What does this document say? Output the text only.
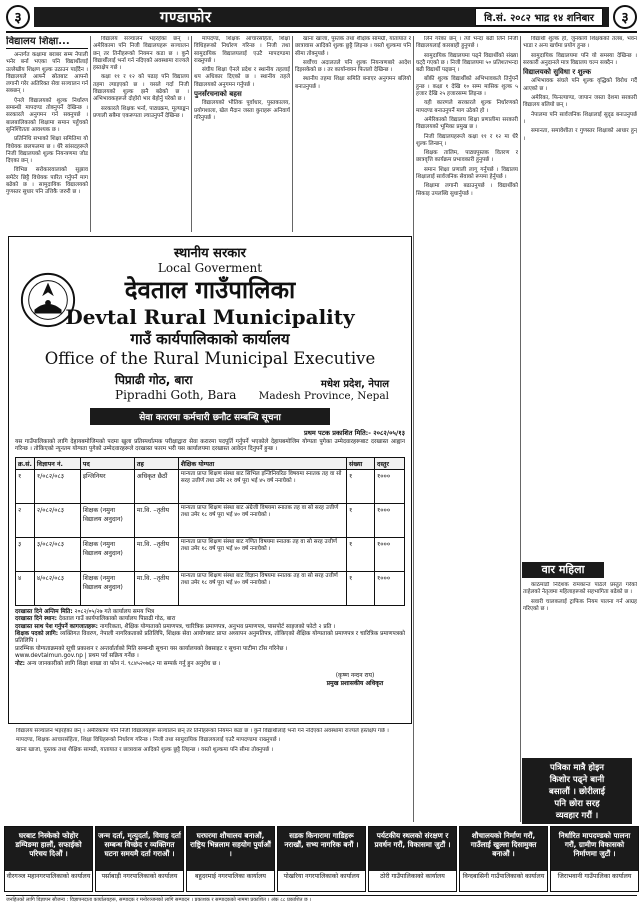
३	गण्डाफोर	वि.सं. २०८२ भाद्र १४ शनिबार	३
विद्यालय शिक्षा...

अन्तर्गत कक्षामा बराबर सम्म नेपाली भनेर बर्ना भएका पनि विद्यार्थीलाई उल्लेखीय शिक्षण शुल्क उठाउन पाइँदैन । विद्यालयले आफ्नै स्रोतबाट आफ्नो लगानी गरेर अतिरिक्त सेवा सञ्चालन गर्न सक्छन् ।

ऐनले विद्यालयको शुल्क निर्धारण सम्बन्धी मापदण्ड तोक्नुपर्ने देखिन्छ । सरकारले अनुगमन गर्न सक्नुपर्छ । बालबालिकाको शिक्षामा समान पहुँचको सुनिश्चितता आवश्यक छ ।

प्रतिनिधि सभाको शिक्षा समितिमा यो विधेयक छलफलमा छ । धेरै सांसदहरूले निजी विद्यालयको शुल्क नियन्त्रणमा जोड दिएका छन् ।

विभिन्न सरोकारवालाको सुझाव समेटेर छिट्टै विधेयक पारित गर्नुपर्ने माग बढेको छ । सामुदायिक विद्यालयको गुणस्तर सुधार पनि उत्तिकै जरुरी छ ।

विद्यालय सञ्चालन भइरहेका छन् । अमेरिकामा पनि निजी विद्यालयहरू सञ्चालन छन् तर तिनीहरूको नियमन कडा छ । कुनै विद्यार्थीलाई भर्ना गर्न नदिएको अवस्थामा राज्यले हस्तक्षेप गर्छ ।

कक्षा ११ र १२ को पढाइ पनि विद्यालय तहमा ल्याइएको छ । यसले गर्दा निजी विद्यालयको शुल्क झनै बढेको छ । अभिभावकहरूले दोहोरो भार बेहोर्नु परेको छ ।

सरकारले शिक्षक भर्ना, पाठ्यक्रम, मूल्याङ्कन प्रणाली सबैमा एकरूपता ल्याउनुपर्ने देखिन्छ ।

मापदण्ड, शिक्षक आचारसंहिता, शिक्षा विधिहरूको निर्धारण गरिन्छ । निजी तथा सामुदायिक विद्यालयलाई एउटै मापदण्डमा राख्नुपर्छ ।

संघीय शिक्षा ऐनले प्रदेश र स्थानीय तहलाई थप अधिकार दिएको छ । स्थानीय तहले विद्यालयको अनुगमन गर्नुपर्छ ।

पुनर्संरचनाको बहस

विद्यालयको भौतिक पूर्वाधार, पुस्तकालय, प्रयोगशाला, खेल मैदान जस्ता कुराहरू अनिवार्य गरिनुपर्छ ।

खाना खाजा, पुस्तक तथा शैक्षिक सामग्री, यातायात र छात्रावास आदिको शुल्क छुट्टै लिइन्छ । यस्तो शुल्कमा पनि सीमा तोक्नुपर्छ ।

सर्वोच्च अदालतले पनि शुल्क नियन्त्रणबारे आदेश दिइसकेको छ । तर कार्यान्वयन फितलो देखिन्छ ।

स्थानीय तहमा शिक्षा समिति बनाएर अनुगमन बलियो बनाउनुपर्छ ।

लिने गरेका छन् । त्यो भन्दा बढी लिने निजी विद्यालयलाई कारबाही हुनुपर्छ ।

सामुदायिक विद्यालयमा पढ्ने विद्यार्थीको संख्या घट्दै गएको छ । निजी विद्यालयमा ५० प्रतिशतभन्दा बढी विद्यार्थी पढ्छन् ।

बाँकी शुल्क विद्यार्थीको अभिभावकले तिर्नुपर्ने हुन्छ । कक्षा १ देखि १० सम्म मासिक शुल्क ५ हजार देखि २५ हजारसम्म लिइन्छ ।

यही कारणले सरकारले शुल्क निर्धारणको मापदण्ड बनाउनुपर्ने माग उठेको हो ।

अमेरिकाको विद्यालय शिक्षा प्रणालीमा सरकारी विद्यालयको भूमिका प्रमुख छ ।

निजी विद्यालयहरूले कक्षा ११ र १२ मा धेरै शुल्क लिन्छन् ।

शिक्षक तालिम, पाठ्यपुस्तक वितरण र छात्रवृत्ति कार्यक्रम प्रभावकारी हुनुपर्छ ।

समान शिक्षा प्रणाली लागू गर्नुपर्छ । विद्यालय शिक्षालाई सार्वजनिक सेवाको रूपमा हेर्नुपर्छ ।

शिक्षामा लगानी बढाउनुपर्छ । विद्यार्थीको सिकाइ उपलब्धि सुधार्नुपर्छ ।

विद्यार्थी शुल्क हो, जुनकार्य शिक्षकको तलब, भवन भाडा र अन्य खर्चमा प्रयोग हुन्छ ।

सामुदायिक विद्यालयमा पनि यो समस्या देखिन्छ । सरकारी अनुदानले मात्र विद्यालय चल्न सक्दैन ।

विद्यालयको सुविधा र शुल्क

अभिभावक संघले पनि शुल्क वृद्धिको विरोध गर्दै आएको छ ।

अमेरिका, फिनल्याण्ड, जापान जस्ता देशमा सरकारी विद्यालय बलियो छन् ।

नेपालमा पनि सार्वजनिक शिक्षालाई सुदृढ बनाउनुपर्छ ।

समानता, समावेशीता र गुणस्तर शिक्षाको आधार हुन् ।

वार महिला

काठमाडौं निर्देशक रामकान्त पाठेले प्रस्तुत गरेको ताहेलको नेतृत्वमा महिलाहरूको सहभागिता बढेको छ ।

सवारी चालकलाई ट्राफिक नियम पालना गर्न आग्रह गरिएको छ ।

पत्रिका मात्रै होइन
किशोर पढ्ने बानी
बसालौं । छोरीलाई
पनि छोरा सरह
व्यवहार गरौं ।
स्थानीय सरकार
Local Goverment
देवताल गाउँपालिका
Devtal Rural Municipality
गाउँ कार्यपालिकाको कार्यालय
Office of the Rural Municipal Executive
पिप्राढी गोठ, बारा
Pipradhi Goth, Bara
मधेश प्रदेश, नेपाल
Madesh Province, Nepal
सेवा करारमा कर्मचारी छनौट सम्बन्धि सूचना
प्रथम पटक प्रकाशित मिति:- २०८२/०५/१३
यस गाउँपालिकाको लागि देहायबमोजिमको पदमा खुला प्रतिस्पर्धात्मक परीक्षाद्वारा सेवा करारमा पदपूर्ति गर्नुपर्ने भएकोले देहायबमोजिम योग्यता पुगेका उम्मेदवारहरूबाट दरखास्त आह्वान गरिन्छ । तोकिएको न्यूनतम योग्यता पुगेको उम्मेदवारहरूले दरखास्त फारम भरी यस कार्यालयमा दरखास्त आवेदन दिनुपर्ने हुन्छ ।
क्र.सं.	विज्ञापन नं.	पद	तह	शैक्षिक योग्यता	संख्या	दस्तुर
१	१/०८२/०८३	इन्जिनियर	अधिकृत छैठौं	मान्यता प्राप्त शिक्षण संस्था बाट सिभिल इन्जिनियरिङ विषयमा स्नातक तह वा सो सरह उत्तीर्ण तथा उमेर २१ वर्ष पूरा भई ४५ वर्ष ननाघेको ।	१	१०००
२	२/०८२/०८३	शिक्षक (नमुना विद्यालय अनुदान)	मा.वि. –तृतीय	मान्यता प्राप्त शिक्षण संस्था बाट अंग्रेजी विषयमा स्नातक तह वा सो सरह उत्तीर्ण तथा उमेर १८ वर्ष पूरा भई ४० वर्ष ननाघेको ।	१	१०००
३	३/०८२/०८३	शिक्षक (नमुना विद्यालय अनुदान)	मा.वि. –तृतीय	मान्यता प्राप्त शिक्षण संस्था बाट गणित विषयमा स्नातक तह वा सो सरह उत्तीर्ण तथा उमेर १८ वर्ष पूरा भई ४० वर्ष ननाघेको ।	१	१०००
४	४/०८२/०८३	शिक्षक (नमुना विद्यालय अनुदान)	मा.वि. –तृतीय	मान्यता प्राप्त शिक्षण संस्था बाट विज्ञान विषयमा स्नातक तह वा सो सरह उत्तीर्ण तथा उमेर १८ वर्ष पूरा भई ४० वर्ष ननाघेको ।	१	१०००
दरखास्त दिने अन्तिम मिति: २०८२/०५/२७ गते कार्यालय समय भित्र
दरखास्त दिने स्थान: देवताल गाउँ कार्यपालिकाको कार्यालय पिप्राढी गोठ, बारा
दरखास्त साथ पेश गर्नुपर्ने कागजातहरू: नागरिकता, शैक्षिक योग्यताको प्रमाणपत्र, चारित्रिक प्रमाणपत्र, अनुभव प्रमाणपत्र, पासपोर्ट साइजको फोटो २ प्रति ।
शिक्षक पदको लागि: व्यक्तिगत विवरण, नेपाली नागरिकताको प्रतिलिपि, शिक्षक सेवा आयोगबाट प्राप्त अध्यापन अनुमतिपत्र, तोकिएको शैक्षिक योग्यताको प्रमाणपत्र र चारित्रिक प्रमाणपत्रको प्रतिलिपि ।
प्रारम्भिक योग्यताक्रमको सूची प्रकाशन र अन्तर्वार्ताको मिति सम्बन्धी सूचना यस कार्यालयको वेबसाइट र सूचना पाटीमा टाँस गरिनेछ ।
www.devtalmun.gov.np | प्रथम पर्व सक्रिय गर्नेछ ।
नोट: अन्य जानकारीको लागि शिक्षा शाखा वा फोन नं. ९८४५२०७६२ मा सम्पर्क गर्नु हुन अनुरोध छ ।
(कृष्ण नन्दन राय)
प्रमुख प्रशासकीय अधिकृत

विद्यालय सञ्चालन भइरहेका छन् । अमेरिकामा पनि निजी विद्यालयहरू सञ्चालन छन् तर तिनीहरूको नियमन कडा छ । कुनै विद्यार्थीलाई भर्ना गर्न नदिएको अवस्थामा राज्यले हस्तक्षेप गर्छ ।

मापदण्ड, शिक्षक आचारसंहिता, शिक्षा विधिहरूको निर्धारण गरिन्छ । निजी तथा सामुदायिक विद्यालयलाई एउटै मापदण्डमा राख्नुपर्छ ।

खाना खाजा, पुस्तक तथा शैक्षिक सामग्री, यातायात र छात्रावास आदिको शुल्क छुट्टै लिइन्छ । यस्तो शुल्कमा पनि सीमा तोक्नुपर्छ ।

घरबाट निस्केको फोहोर डम्पिङमा हालौं, सफाईको परिचय दिऔं ।
वीरगञ्ज महानगरपालिकाको कार्यालय
जन्म दर्ता, मृत्युदर्ता, विवाह दर्ता सम्बन्ध विच्छेद र व्यक्तिगत घटना समयमै दर्ता गराऔं ।
पर्साबाड़ी नगरपालिकाको कार्यालय
घरघरमा शौचालय बनाऔं, राष्ट्रिय भिन्नलाम सहयोग पुर्याऔं ।
बहुदरमाई नगरपालिका कार्यालय
सडक किनारामा गाडिहरू नराखौं, सभ्य नागरिक बनौं ।
पोखरिया नगरपालिकाको कार्यालय
पर्यटकीय स्थलको संरक्षण र प्रवर्धन गरौं, विकासमा जुटौं ।
ठोरी गाउँपालिकाको कार्यालय
शौचालयको निर्माण गरौं, गाउँलाई खुल्ला दिसामुक्त बनाऔं ।
विन्दबासिनी गाउँपालिकाको कार्यालय
निर्धारित मापदण्डको पालना गरौं, ग्रामीण विकासको निर्माणमा जुटौं ।
जिराभवानी गाउँपालिका कार्यालय
जनहितको लागि विज्ञापन सौजन्य : विज्ञापनदाता कार्यालयहरू, सम्पादक र मनोरञ्जनको लागि सम्पादन । प्रकाशक र सम्पादकको नाममा प्रकाशित । अंक ८८ प्रकाशित छ ।
